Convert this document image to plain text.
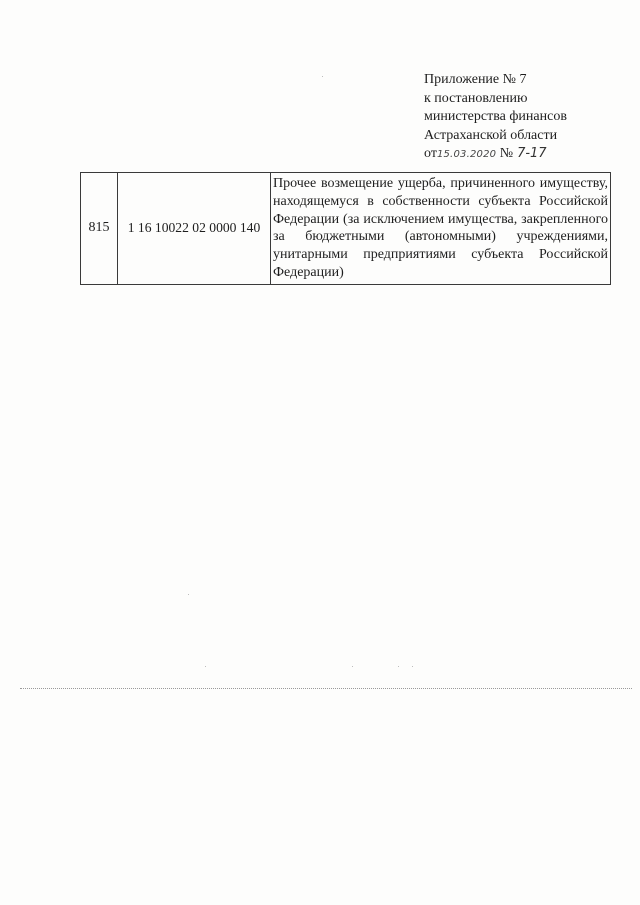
Приложение № 7
к постановлению
министерства финансов
Астраханской области
от15.03.2020 № 7-17
815	1 16 10022 02 0000 140	Прочее возмещение ущерба, причиненного имуществу, находящемуся в собственности субъекта Российской Федерации (за исключением имущества, закрепленного за бюджетными (автономными) учреждениями, унитарными предприятиями субъекта Российской Федерации)
